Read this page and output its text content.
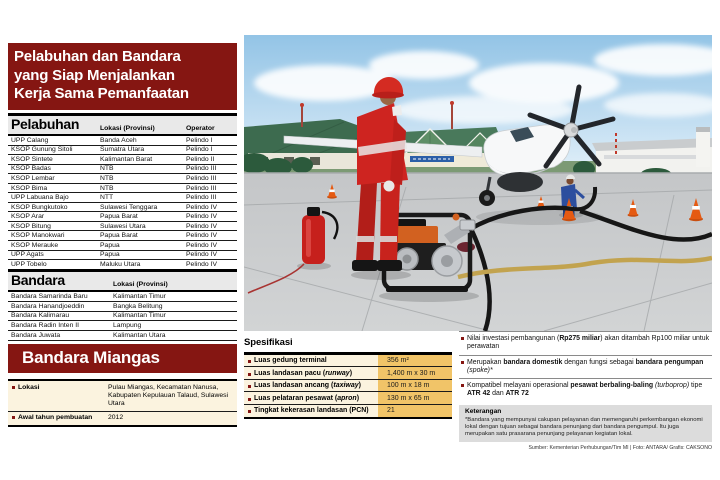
Pelabuhan dan Bandara
yang Siap Menjalankan
Kerja Sama Pemanfaatan
Pelabuhan	Lokasi (Provinsi)	Operator
UPP Calang	Banda Aceh	Pelindo I
KSOP Gunung Sitoli	Sumatra Utara	Pelindo I
KSOP Sintete	Kalimantan Barat	Pelindo II
KSOP Badas	NTB	Pelindo III
KSOP Lembar	NTB	Pelindo III
KSOP Bima	NTB	Pelindo III
UPP Labuana Bajo	NTT	Pelindo III
KSOP Bungkutoko	Sulawesi Tenggara	Pelindo IV
KSOP Arar	Papua Barat	Pelindo IV
KSOP Bitung	Sulawesi Utara	Pelindo IV
KSOP Manokwari	Papua Barat	Pelindo IV
KSOP Merauke	Papua	Pelindo IV
UPP Agats	Papua	Pelindo IV
UPP Tobelo	Maluku Utara	Pelindo IV
Bandara	Lokasi (Provinsi)
Bandara Samarinda Baru	Kalimantan Timur
Bandara Hanandjoeddin	Bangka Belitung
Bandara Kalimarau	Kalimantan Timur
Bandara Radin Inten II	Lampung
Bandara Juwata	Kalimantan Utara
Bandara Miangas
Lokasi	Pulau Miangas, Kecamatan Nanusa, Kabupaten Kepulauan Talaud, Sulawesi Utara
Awal tahun pembuatan 2012
Spesifikasi
Luas gedung terminal	356 m²
Luas landasan pacu (runway)	1,400 m x 30 m
Luas landasan ancang (taxiway)	100 m x 18 m
Luas pelataran pesawat (apron)	130 m x 65 m
Tingkat kekerasan landasan (PCN)	21
Nilai investasi pembangunan (Rp275 miliar) akan ditambah Rp100 miliar untuk perawatan
Merupakan bandara domestik dengan fungsi sebagai bandara pengumpan (spoke)*
Kompatibel melayani operasional pesawat berbaling-baling (turboprop) tipe ATR 42 dan ATR 72
Keterangan
*Bandara yang mempunyai cakupan pelayanan dan memengaruhi perkembangan ekonomi lokal dengan tujuan sebagai bandara penunjang dari bandara pengumpul. Itu juga merupakan satu prasarana penunjang pelayanan kegiatan lokal.
Sumber: Kementerian Perhubungan/Tim MI | Foto: ANTARA/ Grafis: CAKSONO
